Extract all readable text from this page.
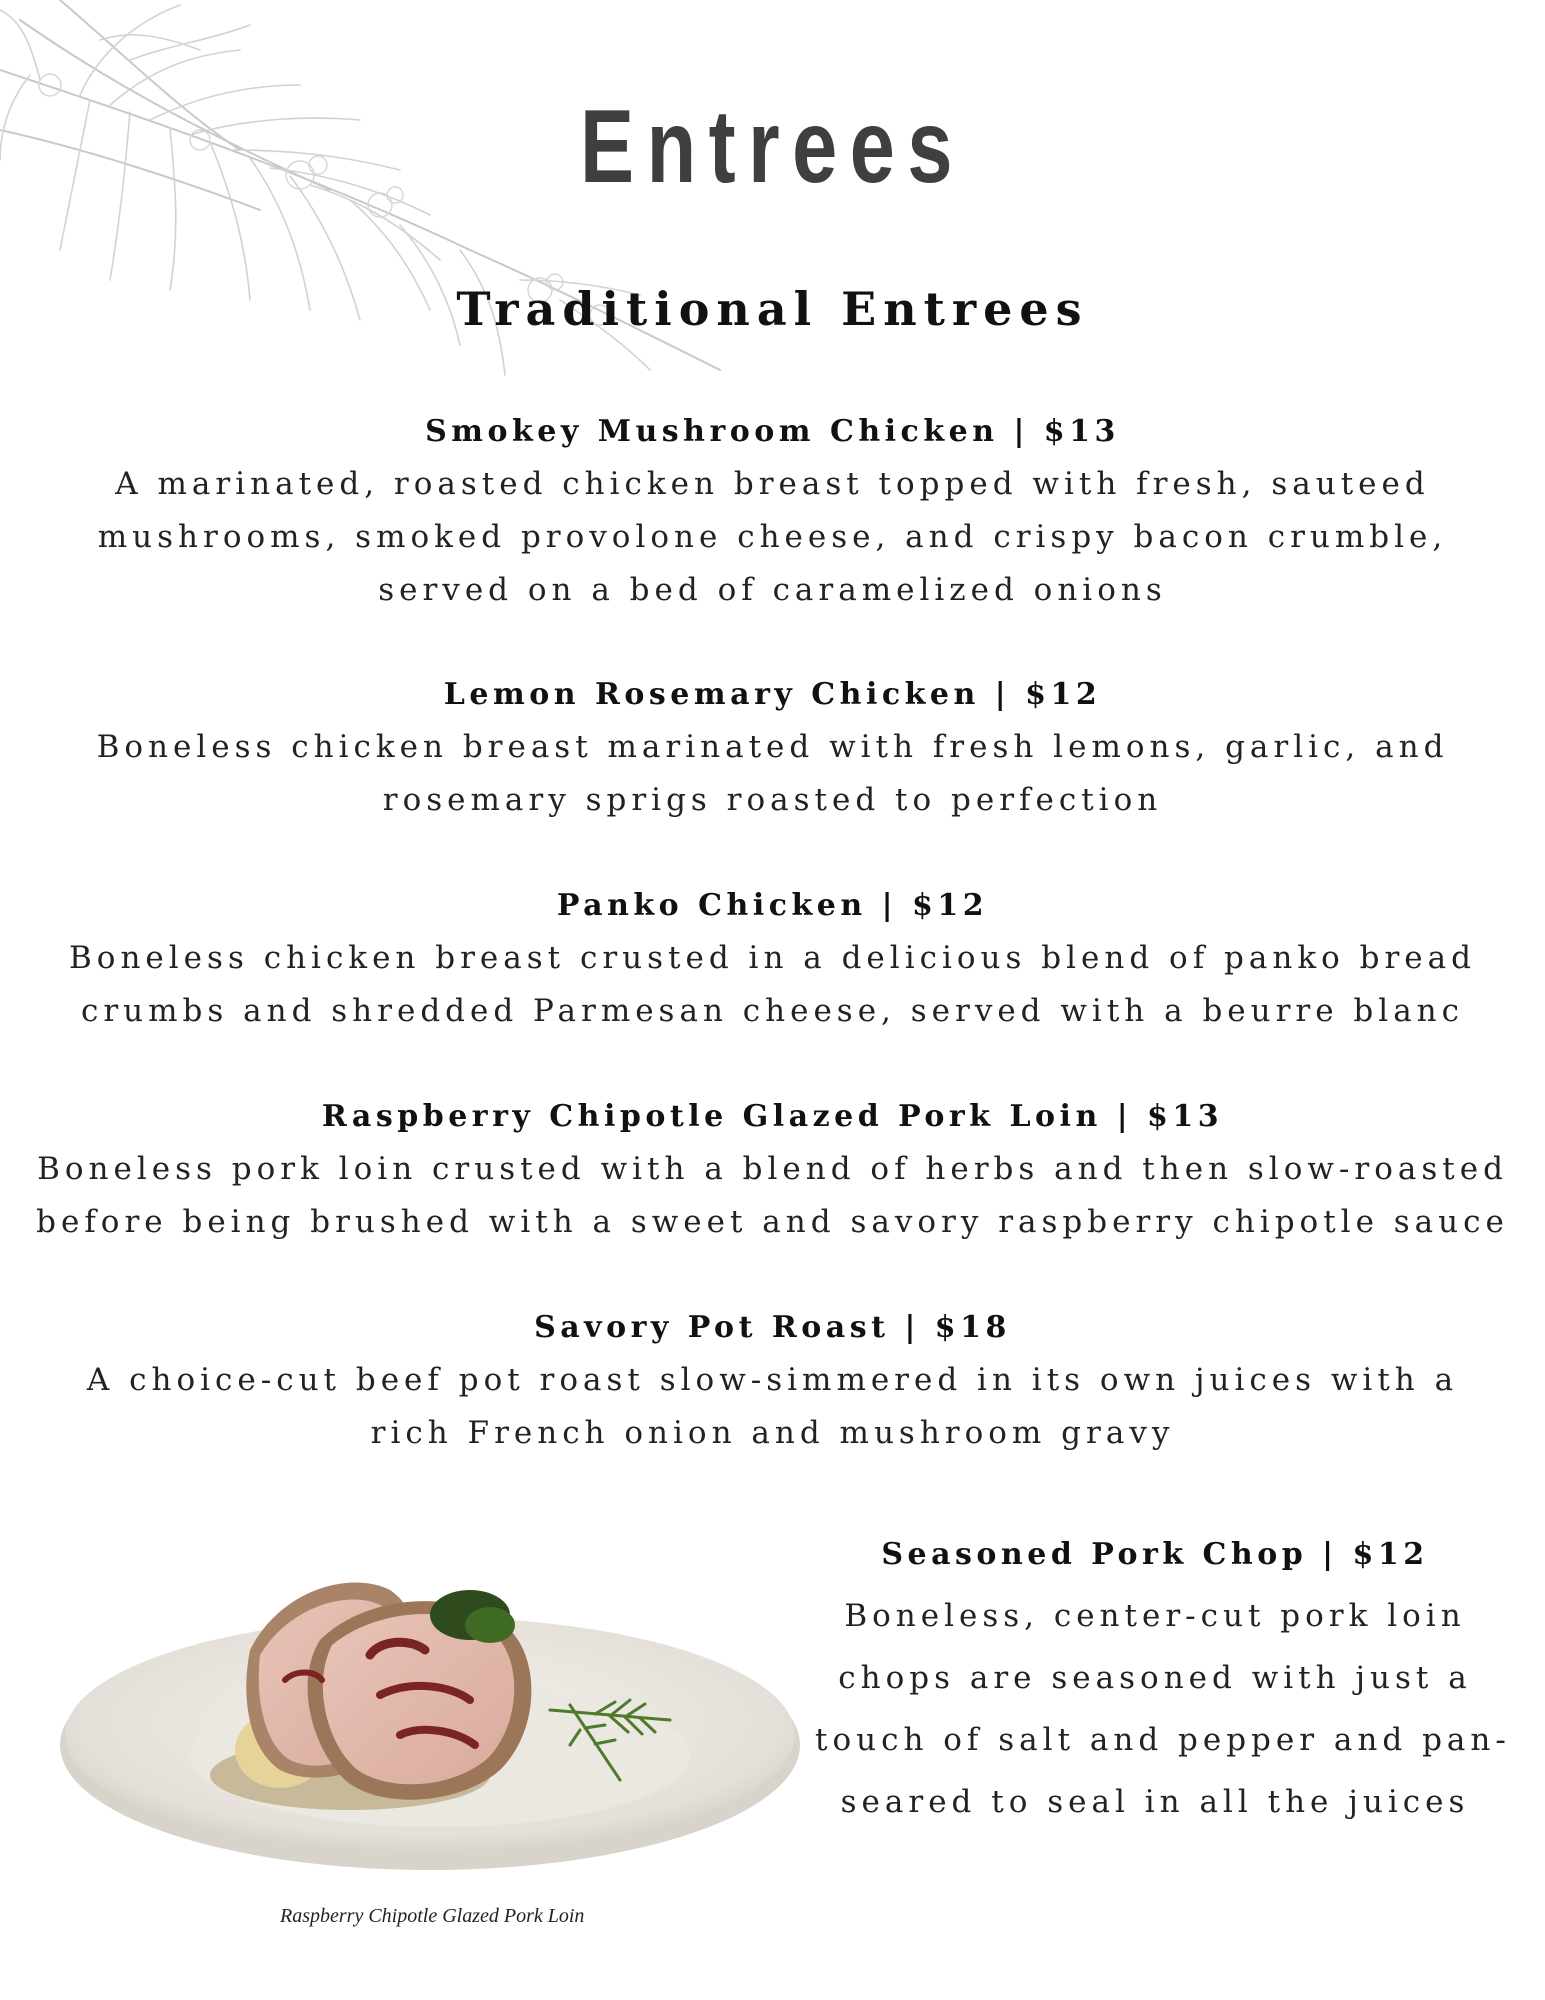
Entrees
Traditional Entrees
Smokey Mushroom Chicken | $13
A marinated, roasted chicken breast topped with fresh, sauteed
mushrooms, smoked provolone cheese, and crispy bacon crumble,
served on a bed of caramelized onions
Lemon Rosemary Chicken | $12
Boneless chicken breast marinated with fresh lemons, garlic, and
rosemary sprigs roasted to perfection
Panko Chicken | $12
Boneless chicken breast crusted in a delicious blend of panko bread
crumbs and shredded Parmesan cheese, served with a beurre blanc
Raspberry Chipotle Glazed Pork Loin | $13
Boneless pork loin crusted with a blend of herbs and then slow-roasted
before being brushed with a sweet and savory raspberry chipotle sauce
Savory Pot Roast | $18
A choice-cut beef pot roast slow-simmered in its own juices with a
rich French onion and mushroom gravy
Raspberry Chipotle Glazed Pork Loin
Seasoned Pork Chop | $12
Boneless, center-cut pork loin
chops are seasoned with just a
touch of salt and pepper and pan-
seared to seal in all the juices
